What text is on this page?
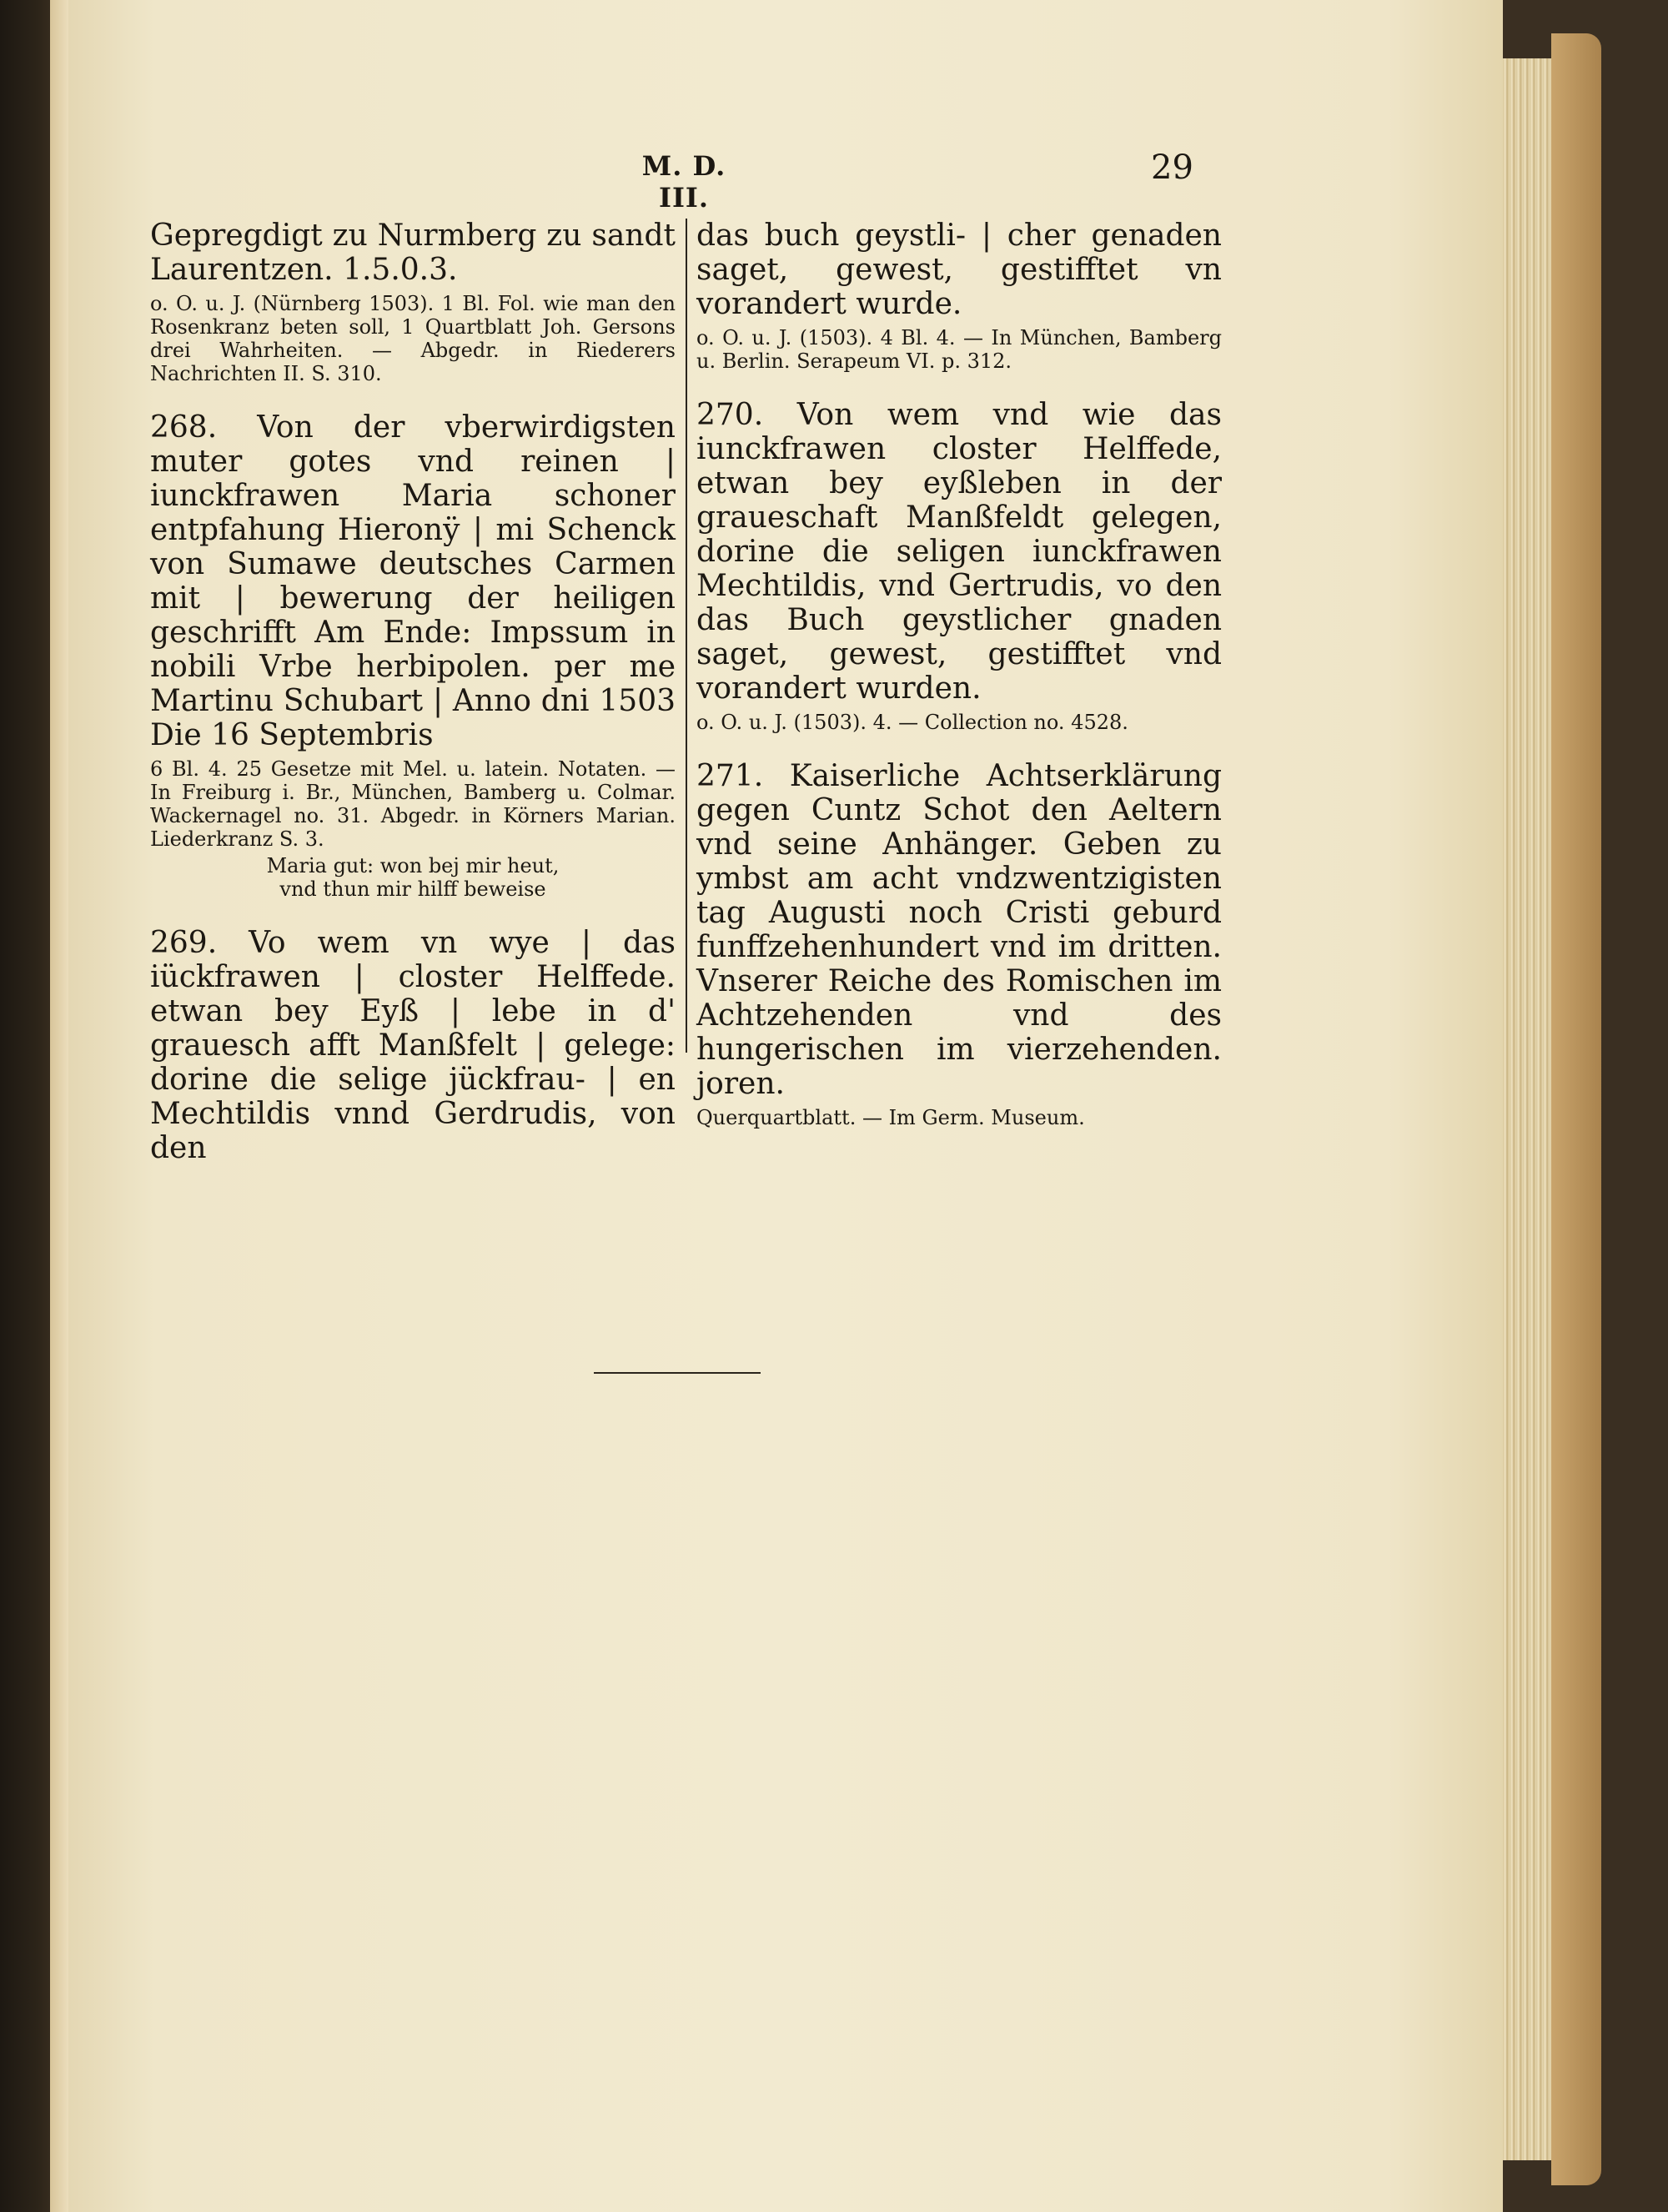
M. D. III.
29

Gepregdigt zu Nurmberg zu sandt Laurentzen. 1.5.0.3.

o. O. u. J. (Nürnberg 1503). 1 Bl. Fol. wie man den Rosenkranz beten soll, 1 Quartblatt Joh. Gersons drei Wahrheiten. — Abgedr. in Riederers Nachrichten II. S. 310.

268. Von der vberwirdigsten muter gotes vnd reinen | iunckfrawen Maria schoner entpfahung Hieronÿ | mi Schenck von Sumawe deutsches Carmen mit | bewerung der heiligen geschrifft Am Ende: Impssum in nobili Vrbe herbipolen. per me Martinu Schubart | Anno dni 1503 Die 16 Septembris

6 Bl. 4. 25 Gesetze mit Mel. u. latein. Notaten. — In Freiburg i. Br., München, Bamberg u. Colmar. Wackernagel no. 31. Abgedr. in Körners Marian. Liederkranz S. 3.

Maria gut: won bej mir heut,

vnd thun mir hilff beweise

269. Vo wem vn wye | das iückfrawen | closter Helffede. etwan bey Eyß | lebe in d' grauesch afft Manßfelt | gelege: dorine die selige jückfrau- | en Mechtildis vnnd Gerdrudis, von den

das buch geystli- | cher genaden saget, gewest, gestifftet vn vorandert wurde.

o. O. u. J. (1503). 4 Bl. 4. — In München, Bamberg u. Berlin. Serapeum VI. p. 312.

270. Von wem vnd wie das iunckfrawen closter Helffede, etwan bey eyßleben in der graueschaft Manßfeldt gelegen, dorine die seligen iunckfrawen Mechtildis, vnd Gertrudis, vo den das Buch geystlicher gnaden saget, gewest, gestifftet vnd vorandert wurden.

o. O. u. J. (1503). 4. — Collection no. 4528.

271. Kaiserliche Achtserklärung gegen Cuntz Schot den Aeltern vnd seine Anhänger. Geben zu ymbst am acht vndzwentzigisten tag Augusti noch Cristi geburd funffzehenhundert vnd im dritten. Vnserer Reiche des Romischen im Achtzehenden vnd des hungerischen im vierzehenden. joren.

Querquartblatt. — Im Germ. Museum.
